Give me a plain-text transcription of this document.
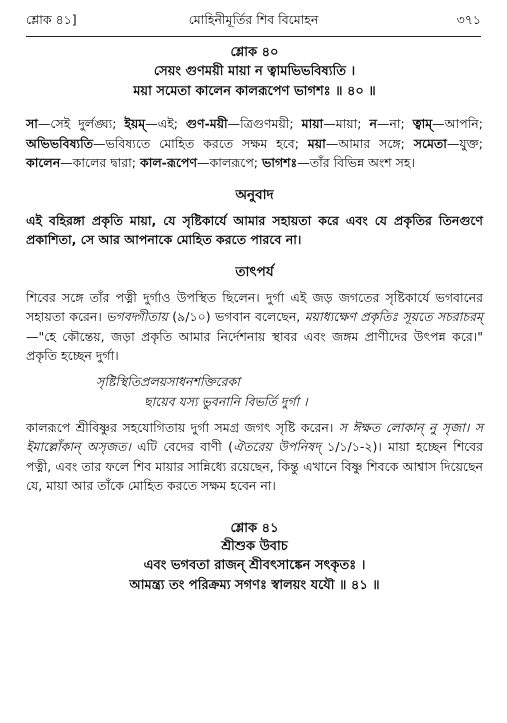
শ্লোক ৪১]	মোহিনীমূর্তির শিব বিমোহন	৩৭১

শ্লোক ৪০

সেয়ং গুণময়ী মায়া ন ত্বামভিভবিষ্যতি ।

ময়া সমেতা কালেন কালরূপেণ ভাগশঃ ॥ ৪০ ॥

সা—সেই দুর্লঙ্ঘ্য; ইয়ম্—এই; গুণ-ময়ী—ত্রিগুণময়ী; মায়া—মায়া; ন—না; ত্বাম্—আপনি; অভিভবিষ্যতি—ভবিষ্যতে মোহিত করতে সক্ষম হবে; ময়া—আমার সঙ্গে; সমেতা—যুক্ত; কালেন—কালের দ্বারা; কাল-রূপেণ—কালরূপে; ভাগশঃ—তাঁর বিভিন্ন অংশ সহ।

অনুবাদ

এই বহিরঙ্গা প্রকৃতি মায়া, যে সৃষ্টিকার্যে আমার সহায়তা করে এবং যে প্রকৃতির তিনগুণে প্রকাশিতা, সে আর আপনাকে মোহিত করতে পারবে না।

তাৎপর্য

শিবের সঙ্গে তাঁর পত্নী দুর্গাও উপস্থিত ছিলেন। দুর্গা এই জড় জগতের সৃষ্টিকার্যে ভগবানের সহায়তা করেন। ভগবদ্গীতায় (৯/১০) ভগবান বলেছেন, ময়াধ্যক্ষেণ প্রকৃতিঃ সূয়তে সচরাচরম্—"হে কৌন্তেয়, জড়া প্রকৃতি আমার নির্দেশনায় স্থাবর এবং জঙ্গম প্রাণীদের উৎপন্ন করে।" প্রকৃতি হচ্ছেন দুর্গা।

সৃষ্টিস্থিতিপ্রলয়সাধনশক্তিরেকা

ছায়েব যস্য ভুবনানি বিভর্তি দুর্গা ।

কালরূপে শ্রীবিষ্ণুর সহযোগিতায় দুর্গা সমগ্র জগৎ সৃষ্টি করেন। স ঈক্ষত লোকান্ নু সৃজা। স ইমাল্লোঁকান্ অসৃজত। এটি বেদের বাণী (ঐতরেয় উপনিষদ্ ১/১/১-২)। মায়া হচ্ছেন শিবের পত্নী, এবং তার ফলে শিব মায়ার সান্নিধ্যে রয়েছেন, কিন্তু এখানে বিষ্ণু শিবকে আশ্বাস দিয়েছেন যে, মায়া আর তাঁকে মোহিত করতে সক্ষম হবেন না।

শ্লোক ৪১

শ্রীশুক উবাচ

এবং ভগবতা রাজন্ শ্রীবৎসাঙ্কেন সৎকৃতঃ ।

আমন্ত্র্য তং পরিক্রম্য সগণঃ স্বালয়ং যযৌ ॥ ৪১ ॥
